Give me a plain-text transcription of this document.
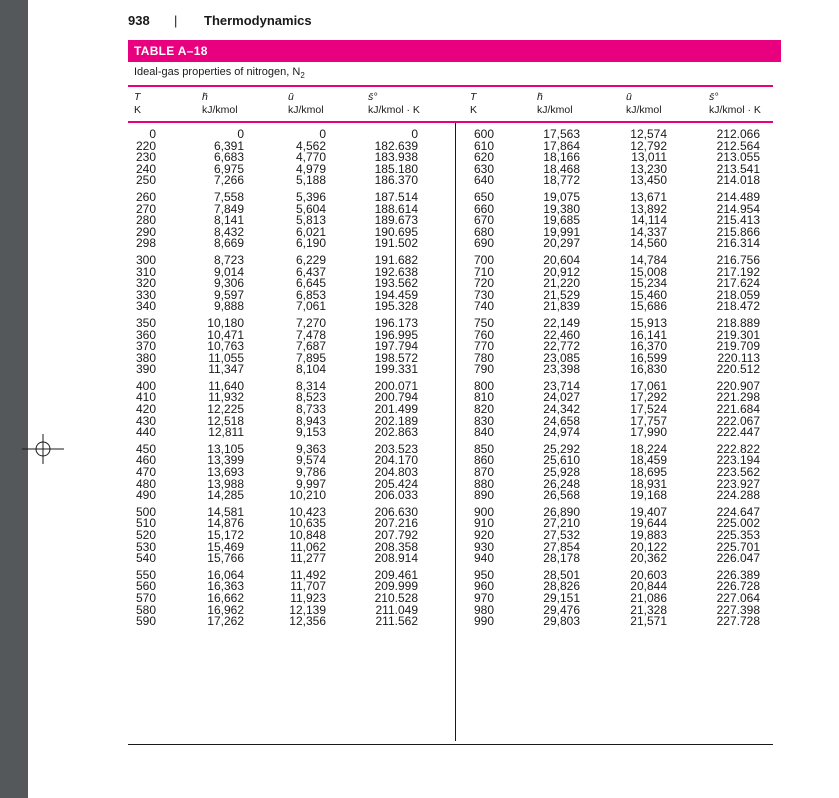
938 | Thermodynamics
TABLE A–18
Ideal-gas properties of nitrogen, $N_2$
T
K
h̄
kJ/kmol
ū
kJ/kmol
s̄°
kJ/kmol · K
T
K
h̄
kJ/kmol
ū
kJ/kmol
s̄°
kJ/kmol · K
0
220
230
240
250
260
270
280
290
298
300
310
320
330
340
350
360
370
380
390
400
410
420
430
440
450
460
470
480
490
500
510
520
530
540
550
560
570
580
590
0
6,391
6,683
6,975
7,266
7,558
7,849
8,141
8,432
8,669
8,723
9,014
9,306
9,597
9,888
10,180
10,471
10,763
11,055
11,347
11,640
11,932
12,225
12,518
12,811
13,105
13,399
13,693
13,988
14,285
14,581
14,876
15,172
15,469
15,766
16,064
16,363
16,662
16,962
17,262
0
4,562
4,770
4,979
5,188
5,396
5,604
5,813
6,021
6,190
6,229
6,437
6,645
6,853
7,061
7,270
7,478
7,687
7,895
8,104
8,314
8,523
8,733
8,943
9,153
9,363
9,574
9,786
9,997
10,210
10,423
10,635
10,848
11,062
11,277
11,492
11,707
11,923
12,139
12,356
0
182.639
183.938
185.180
186.370
187.514
188.614
189.673
190.695
191.502
191.682
192.638
193.562
194.459
195.328
196.173
196.995
197.794
198.572
199.331
200.071
200.794
201.499
202.189
202.863
203.523
204.170
204.803
205.424
206.033
206.630
207.216
207.792
208.358
208.914
209.461
209.999
210.528
211.049
211.562
600
610
620
630
640
650
660
670
680
690
700
710
720
730
740
750
760
770
780
790
800
810
820
830
840
850
860
870
880
890
900
910
920
930
940
950
960
970
980
990
17,563
17,864
18,166
18,468
18,772
19,075
19,380
19,685
19,991
20,297
20,604
20,912
21,220
21,529
21,839
22,149
22,460
22,772
23,085
23,398
23,714
24,027
24,342
24,658
24,974
25,292
25,610
25,928
26,248
26,568
26,890
27,210
27,532
27,854
28,178
28,501
28,826
29,151
29,476
29,803
12,574
12,792
13,011
13,230
13,450
13,671
13,892
14,114
14,337
14,560
14,784
15,008
15,234
15,460
15,686
15,913
16,141
16,370
16,599
16,830
17,061
17,292
17,524
17,757
17,990
18,224
18,459
18,695
18,931
19,168
19,407
19,644
19,883
20,122
20,362
20,603
20,844
21,086
21,328
21,571
212.066
212.564
213.055
213.541
214.018
214.489
214.954
215.413
215.866
216.314
216.756
217.192
217.624
218.059
218.472
218.889
219.301
219.709
220.113
220.512
220.907
221.298
221.684
222.067
222.447
222.822
223.194
223.562
223.927
224.288
224.647
225.002
225.353
225.701
226.047
226.389
226.728
227.064
227.398
227.728
